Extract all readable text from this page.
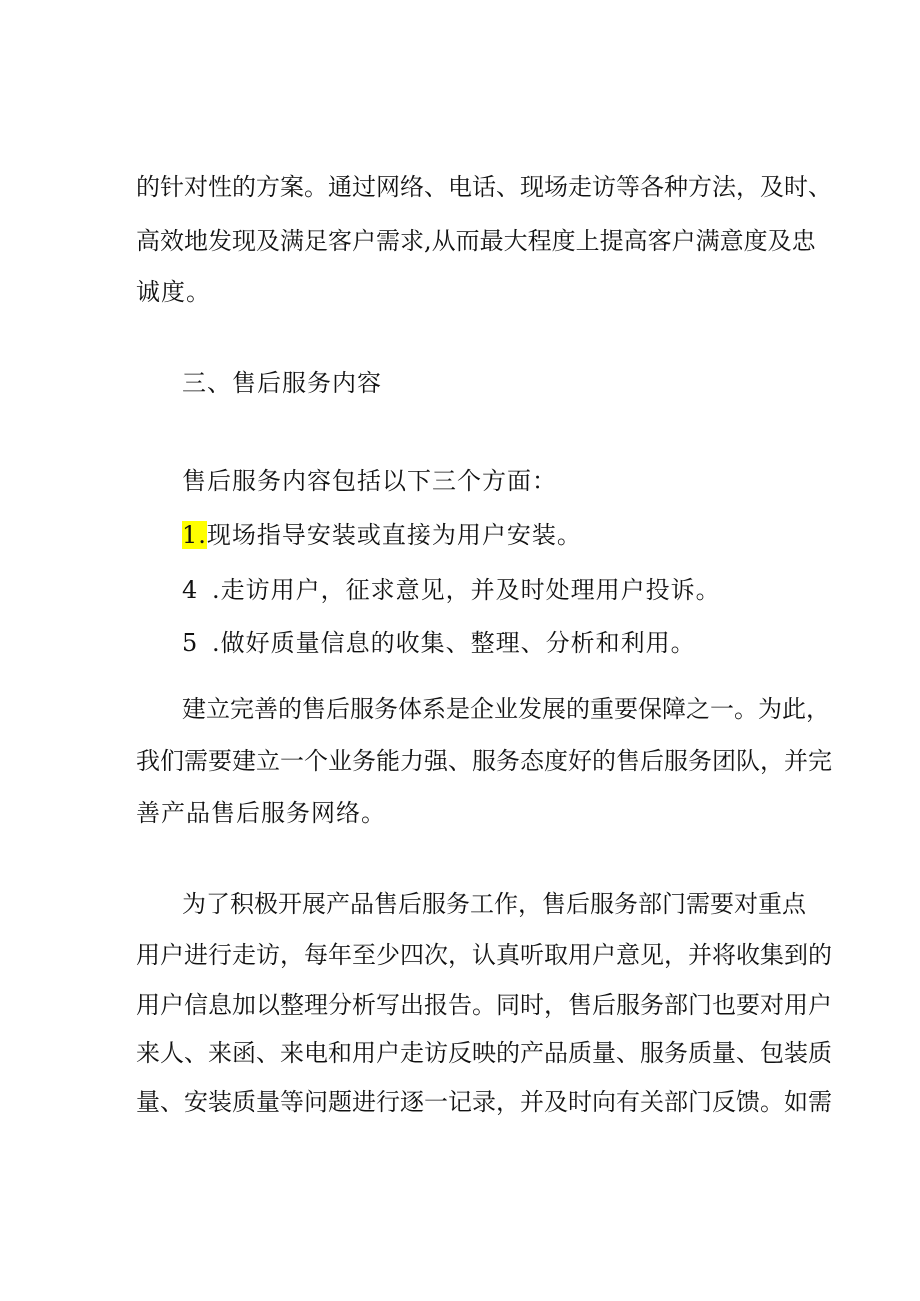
的针对性的方案。通过网络、电话、现场走访等各种方法，及时、
高效地发现及满足客户需求,从而最大程度上提高客户满意度及忠
诚度。
三、售后服务内容
售后服务内容包括以下三个方面：
1.现场指导安装或直接为用户安装。
4 .走访用户，征求意见，并及时处理用户投诉。
5 .做好质量信息的收集、整理、分析和利用。
建立完善的售后服务体系是企业发展的重要保障之一。为此，
我们需要建立一个业务能力强、服务态度好的售后服务团队，并完
善产品售后服务网络。
为了积极开展产品售后服务工作，售后服务部门需要对重点
用户进行走访，每年至少四次，认真听取用户意见，并将收集到的
用户信息加以整理分析写出报告。同时，售后服务部门也要对用户
来人、来函、来电和用户走访反映的产品质量、服务质量、包装质
量、安装质量等问题进行逐一记录，并及时向有关部门反馈。如需
